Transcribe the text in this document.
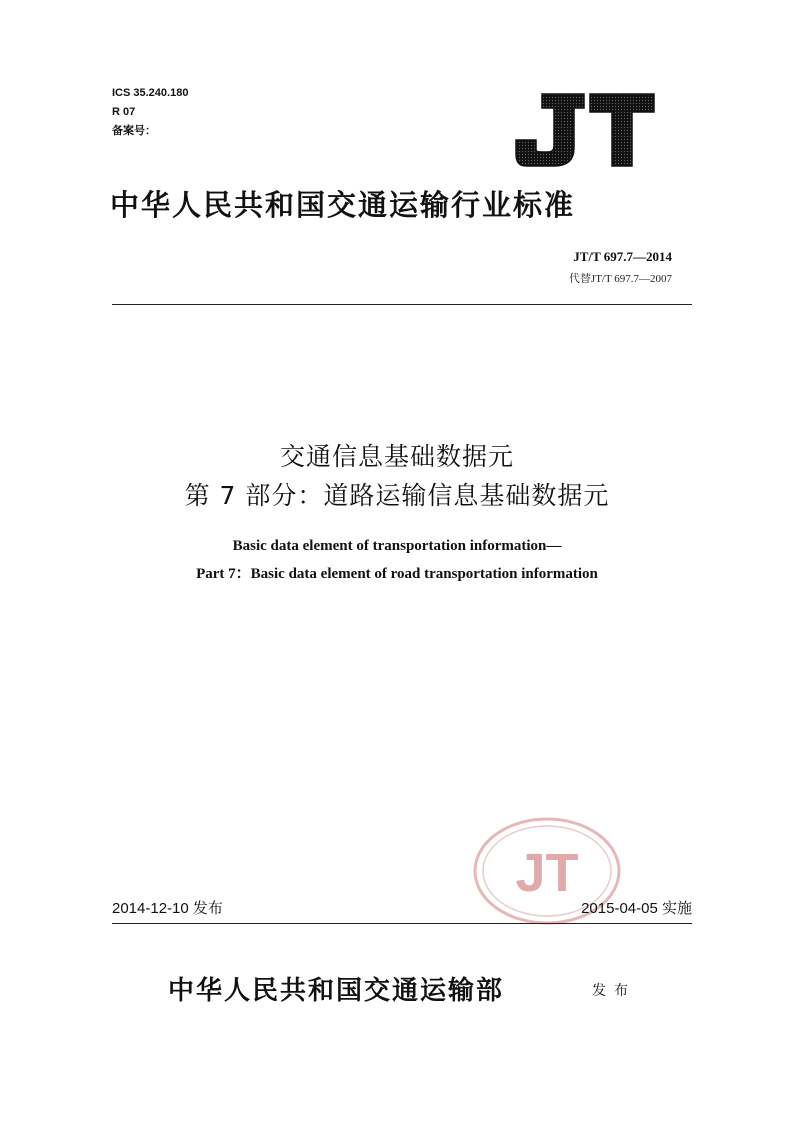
ICS 35.240.180
R 07
备案号：
中华人民共和国交通运输行业标准
JT/T 697.7—2014
代替JT/T 697.7—2007
交通信息基础数据元
第 7 部分：道路运输信息基础数据元
Basic data element of transportation information—
Part 7：Basic data element of road transportation information
JT
2014-12-10 发布	2015-04-05 实施
中华人民共和国交通运输部	发布
